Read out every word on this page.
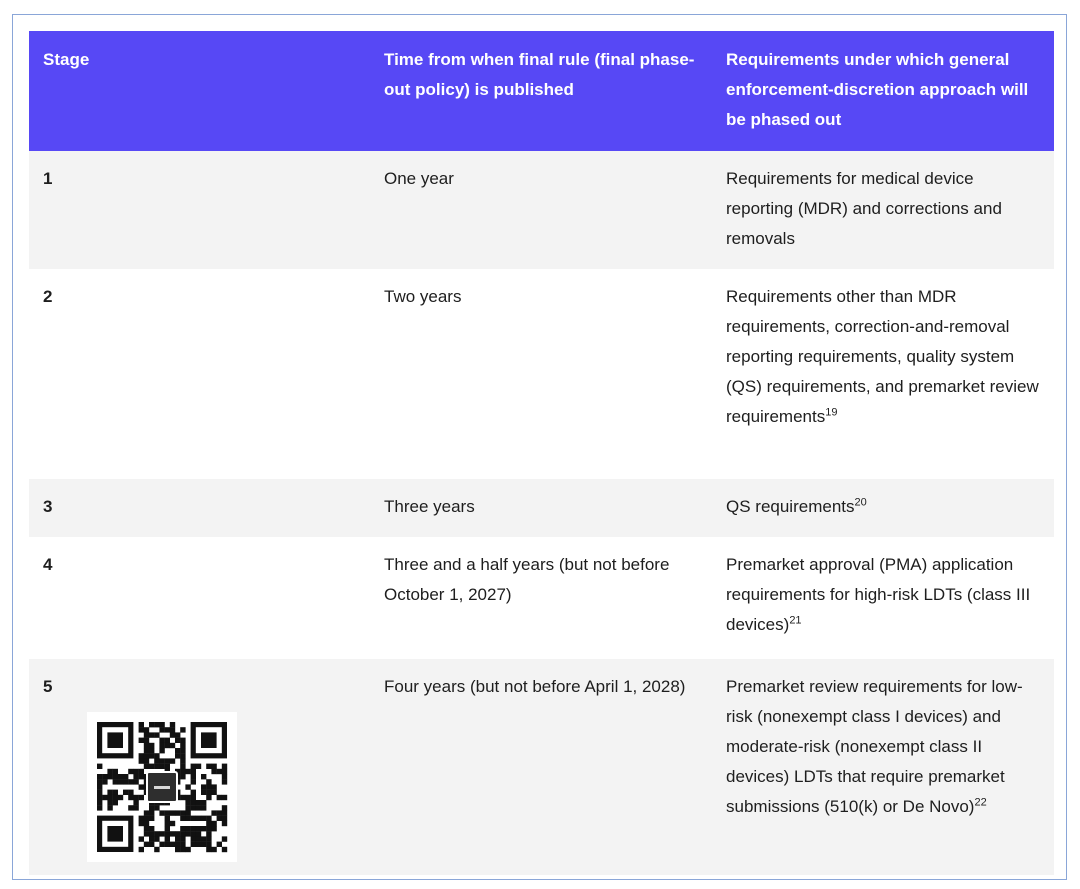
Stage	Time from when final rule (final phase-out policy) is published	Requirements under which general enforcement-discretion approach will be phased out
1	One year	Requirements for medical device reporting (MDR) and corrections and removals
2	Two years	Requirements other than MDR requirements, correction-and-removal reporting requirements, quality system (QS) requirements, and premarket review requirements$^{19}$
3	Three years	QS requirements$^{20}$
4	Three and a half years (but not before October 1, 2027)	Premarket approval (PMA) application requirements for high-risk LDTs (class III devices)$^{21}$
5	Four years (but not before April 1, 2028)	Premarket review requirements for low-risk (nonexempt class I devices) and moderate-risk (nonexempt class II devices) LDTs that require premarket submissions (510(k) or De Novo)$^{22}$
